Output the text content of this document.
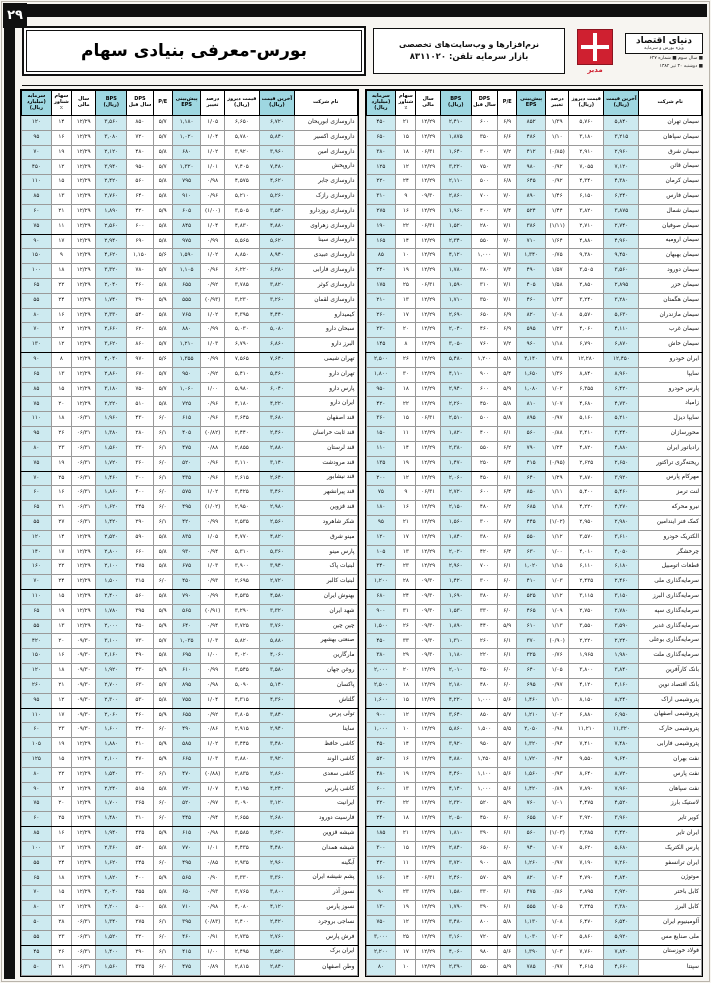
۲۹
دنیای اقتصاد
ویژه بورس و سرمایه
■ سال سوم ■ شماره ۶۲۷
■ دوشنبه ۳۰ تیر ۱۳۸۲
مدبر
نرم‌افزارها و وب‌سایت‌های تخصصی
بازار سرمایه تلفن: ۸۳۱۱۰۲۰
بورس-معرفی بنیادی سهام
نام شرکت	آخرین قیمت (ریال)	قیمت دیروز (ریال)	درصد تغییر	پیش‌بینی EPS	P/E	DPS سال قبل	BPS (ریال)	سال مالی	سهام شناور ٪	سرمایه (میلیارد ریال)
سیمان تهران	۵,۸۴۰	۵,۷۶۰	۱/۳۹	۸۵۲	۶/۹	۶۰۰	۲,۴۱۰	۱۲/۲۹	۲۱	۴۵۰
سیمان سپاهان	۳,۲۱۵	۳,۱۸۰	۱/۱۰	۴۸۶	۶/۶	۳۵۰	۱,۸۷۵	۱۲/۲۹	۱۵	۶۵۰
سیمان شرق	۲,۹۶۰	۲,۹۱۰	(۰/۸۵)	۴۱۲	۷/۲	۳۰۰	۱,۶۴۰	۰۶/۳۱	۱۸	۳۸۰
سیمان قائن	۷,۱۲۰	۷,۰۵۵	۰/۹۲	۹۸۰	۷/۳	۷۵۰	۳,۲۲۰	۱۲/۲۹	۱۲	۱۲۵
سیمان کرمان	۴,۳۸۰	۴,۳۴۰	۰/۹۲	۶۴۵	۶/۸	۵۰۰	۲,۱۱۰	۱۲/۲۹	۲۴	۲۲۰
سیمان فارس	۶,۲۴۰	۶,۱۵۰	۱/۴۶	۸۹۰	۷/۰	۷۰۰	۲,۸۶۰	۰۹/۳۰	۹	۳۱۰
سیمان شمال	۳,۸۷۵	۳,۸۲۰	۱/۴۴	۵۲۴	۷/۴	۴۰۰	۱,۹۶۰	۱۲/۲۹	۱۶	۲۷۵
سیمان صوفیان	۲,۷۴۰	۲,۷۱۰	(۱/۱۱)	۳۸۶	۷/۱	۲۸۰	۱,۵۲۰	۰۶/۳۱	۲۲	۱۹۰
سیمان ارومیه	۴,۹۶۰	۴,۸۸۰	۱/۶۴	۷۱۰	۷/۰	۵۵۰	۲,۳۴۰	۱۲/۲۹	۱۴	۱۶۵
سیمان بهبهان	۹,۴۵۰	۹,۳۸۰	۰/۷۵	۱,۳۴۰	۷/۱	۱,۰۰۰	۴,۱۲۰	۱۲/۲۹	۱۰	۸۵
سیمان دورود	۳,۵۶۰	۳,۵۰۵	۱/۵۷	۴۹۰	۷/۳	۳۸۰	۱,۷۸۰	۱۲/۲۹	۱۹	۲۴۰
سیمان خزر	۲,۸۹۵	۲,۸۵۰	۱/۵۸	۴۰۵	۷/۱	۳۱۰	۱,۵۹۰	۰۶/۳۱	۲۵	۱۷۵
سیمان هگمتان	۳,۲۸۰	۳,۲۴۰	۱/۲۳	۴۶۰	۷/۱	۳۵۰	۱,۷۱۰	۱۲/۲۹	۱۳	۲۱۰
سیمان مازندران	۵,۶۳۰	۵,۵۷۰	۱/۰۸	۸۲۰	۶/۹	۶۵۰	۲,۶۹۰	۱۲/۲۹	۱۷	۲۶۰
سیمان غرب	۴,۱۱۰	۴,۰۶۰	۱/۲۳	۵۹۵	۶/۹	۴۶۰	۲,۰۴۰	۱۲/۲۹	۲۰	۲۳۰
سیمان خاش	۶,۸۷۰	۶,۷۹۰	۱/۱۸	۹۶۰	۷/۲	۷۶۰	۳,۰۵۰	۱۲/۲۹	۸	۱۴۵
ایران خودرو	۱۲,۴۵۰	۱۲,۲۸۰	۱/۳۸	۲,۱۴۰	۵/۸	۱,۲۰۰	۵,۴۸۰	۱۲/۲۹	۲۶	۲,۵۰۰
سایپا	۸,۹۶۰	۸,۸۴۰	۱/۳۶	۱,۶۵۰	۵/۴	۹۰۰	۴,۱۱۰	۱۲/۲۹	۳۰	۱,۸۰۰
پارس خودرو	۶,۴۲۰	۶,۳۵۵	۱/۰۲	۱,۰۸۰	۵/۹	۶۰۰	۲,۹۴۰	۱۲/۲۹	۱۸	۹۵۰
زامیاد	۴,۷۳۰	۴,۶۸۰	۱/۰۷	۸۱۰	۵/۸	۴۵۰	۲,۲۶۰	۱۲/۲۹	۲۲	۴۲۰
سایپا دیزل	۵,۲۱۰	۵,۱۶۰	۰/۹۷	۸۹۵	۵/۸	۵۰۰	۲,۵۱۰	۰۶/۳۱	۱۵	۳۶۰
محورسازان	۳,۴۴۰	۳,۴۱۰	۰/۸۸	۵۶۰	۶/۱	۴۰۰	۱,۸۲۰	۱۲/۲۹	۱۱	۱۵۰
رادیاتور ایران	۴,۸۸۰	۴,۸۲۰	۱/۲۴	۷۹۰	۶/۲	۵۵۰	۲,۳۸۰	۱۲/۲۹	۱۴	۱۱۰
ریخته‌گری تراکتور	۲,۶۵۰	۲,۶۲۵	(۰/۹۵)	۴۱۵	۶/۴	۲۵۰	۱,۴۷۰	۱۲/۲۹	۱۹	۱۳۵
مهرکام پارس	۳,۹۲۰	۳,۸۷۰	۱/۲۹	۶۴۰	۶/۱	۴۵۰	۲,۰۶۰	۱۲/۲۹	۱۲	۲۰۰
لنت ترمز	۵,۴۶۰	۵,۴۰۰	۱/۱۱	۸۵۰	۶/۴	۶۰۰	۲,۷۲۰	۰۶/۳۱	۹	۷۵
نیرو محرکه	۴,۲۷۰	۴,۲۲۰	۱/۱۸	۶۸۵	۶/۲	۴۸۰	۲,۱۵۰	۱۲/۲۹	۱۶	۱۸۰
کمک فنر ایندامین	۲,۹۸۰	۲,۹۵۰	(۱/۰۲)	۴۴۵	۶/۷	۳۰۰	۱,۵۶۰	۱۲/۲۹	۲۱	۹۵
الکتریک خودرو	۳,۶۱۰	۳,۵۷۰	۱/۱۲	۵۵۰	۶/۶	۳۸۰	۱,۸۴۰	۱۲/۲۹	۱۷	۱۲۰
چرخشگر	۴,۰۵۰	۴,۰۱۰	۱/۰۰	۶۳۰	۶/۴	۴۲۰	۲,۰۲۰	۱۲/۲۹	۱۳	۱۰۵
قطعات اتومبیل	۶,۱۸۰	۶,۱۱۰	۱/۱۵	۱,۰۲۰	۶/۱	۷۰۰	۲,۹۶۰	۱۲/۲۹	۲۳	۳۴۰
سرمایه‌گذاری ملی	۲,۴۶۰	۲,۴۳۵	۱/۰۳	۴۱۰	۶/۰	۳۰۰	۱,۴۲۰	۰۹/۳۰	۲۸	۱,۲۰۰
سرمایه‌گذاری البرز	۳,۱۵۰	۳,۱۱۵	۱/۱۲	۵۲۵	۶/۰	۳۸۰	۱,۶۹۰	۰۹/۳۰	۲۴	۶۸۰
سرمایه‌گذاری سپه	۲,۷۸۰	۲,۷۵۰	۱/۰۹	۴۶۵	۶/۰	۳۳۰	۱,۵۳۰	۰۹/۳۰	۳۱	۹۰۰
سرمایه‌گذاری غدیر	۳,۵۹۰	۳,۵۵۰	۱/۱۳	۶۱۰	۵/۹	۴۴۰	۱,۸۹۰	۰۹/۳۰	۲۶	۱,۵۰۰
سرمایه‌گذاری بوعلی	۲,۲۴۰	۲,۲۲۰	(۰/۹۰)	۳۷۰	۶/۱	۲۶۰	۱,۳۱۰	۰۹/۳۰	۳۳	۴۵۰
سرمایه‌گذاری ملت	۱,۹۸۰	۱,۹۶۵	۰/۷۶	۳۲۵	۶/۱	۲۲۰	۱,۱۸۰	۰۹/۳۰	۲۹	۳۸۰
بانک کارآفرین	۳,۸۴۰	۳,۸۰۰	۱/۰۵	۶۴۰	۶/۰	۴۵۰	۲,۰۱۰	۱۲/۲۹	۲۰	۲,۰۰۰
بانک اقتصاد نوین	۴,۱۶۰	۴,۱۲۰	۰/۹۷	۶۹۵	۶/۰	۴۸۰	۲,۱۸۰	۱۲/۲۹	۱۸	۲,۵۰۰
پتروشیمی اراک	۸,۲۴۰	۸,۱۵۰	۱/۱۰	۱,۴۶۰	۵/۶	۱,۰۰۰	۴,۲۲۰	۱۲/۲۹	۱۵	۱,۶۰۰
پتروشیمی اصفهان	۶,۹۵۰	۶,۸۸۰	۱/۰۲	۱,۲۱۰	۵/۷	۸۵۰	۳,۶۴۰	۱۲/۲۹	۱۲	۹۰۰
پتروشیمی خارک	۱۱,۳۲۰	۱۱,۲۱۰	۰/۹۸	۲,۰۵۰	۵/۵	۱,۵۰۰	۵,۸۶۰	۱۲/۲۹	۱۰	۱,۰۰۰
پتروشیمی فارابی	۷,۴۸۰	۷,۴۱۰	۰/۹۴	۱,۳۲۰	۵/۷	۹۵۰	۳,۹۲۰	۱۲/۲۹	۱۴	۴۵۰
نفت بهران	۹,۶۴۰	۹,۵۵۰	۰/۹۴	۱,۷۲۰	۵/۶	۱,۲۵۰	۴,۸۸۰	۱۲/۲۹	۱۶	۵۲۰
نفت پارس	۸,۷۲۰	۸,۶۴۰	۰/۹۳	۱,۵۶۰	۵/۶	۱,۱۰۰	۴,۴۶۰	۱۲/۲۹	۱۹	۴۸۰
نفت سپاهان	۷,۹۶۰	۷,۸۹۰	۰/۸۹	۱,۴۲۰	۵/۶	۱,۰۰۰	۴,۱۴۰	۱۲/۲۹	۱۳	۶۰۰
لاستیک بارز	۴,۵۲۰	۴,۴۷۵	۱/۰۱	۷۶۰	۵/۹	۵۲۰	۲,۳۲۰	۱۲/۲۹	۲۲	۳۲۰
کویر تایر	۳,۹۶۰	۳,۹۲۰	۱/۰۲	۶۵۵	۶/۰	۴۵۰	۲,۰۵۰	۱۲/۲۹	۱۸	۲۴۰
ایران تایر	۳,۴۲۰	۳,۳۸۵	(۱/۰۳)	۵۶۰	۶/۱	۳۹۰	۱,۸۱۰	۱۲/۲۹	۲۱	۱۸۵
پارس الکتریک	۵,۶۸۰	۵,۶۲۰	۱/۰۷	۹۴۰	۶/۰	۶۵۰	۲,۸۴۰	۱۲/۲۹	۱۵	۳۰۰
ایران ترانسفو	۷,۲۶۰	۷,۱۹۰	۰/۹۷	۱,۲۶۰	۵/۸	۹۰۰	۳,۷۲۰	۱۲/۲۹	۱۱	۴۲۰
موتوژن	۴,۸۴۰	۴,۷۹۰	۱/۰۴	۸۲۰	۵/۹	۵۷۰	۲,۴۶۰	۰۶/۳۱	۱۴	۱۶۰
کابل باختر	۲,۹۲۰	۲,۸۹۵	۰/۸۶	۴۷۵	۶/۱	۳۳۰	۱,۵۸۰	۱۲/۲۹	۲۳	۹۰
کابل البرز	۳,۳۸۰	۳,۳۴۵	۱/۰۵	۵۵۵	۶/۱	۳۹۰	۱,۷۹۰	۱۲/۲۹	۱۹	۱۳۰
آلومینیوم ایران	۶,۵۴۰	۶,۴۷۰	۱/۰۸	۱,۱۳۰	۵/۸	۸۰۰	۳,۴۸۰	۱۲/۲۹	۱۲	۷۵۰
ملی صنایع مس	۵,۹۲۰	۵,۸۶۰	۱/۰۲	۱,۰۳۰	۵/۷	۷۲۰	۳,۱۶۰	۱۲/۲۹	۲۵	۳,۰۰۰
فولاد خوزستان	۷,۸۴۰	۷,۷۶۰	۱/۰۳	۱,۳۹۰	۵/۶	۹۸۰	۴,۰۶۰	۱۲/۲۹	۱۷	۲,۲۰۰
سپنتا	۴,۶۶۰	۴,۶۱۵	۰/۹۷	۷۸۵	۵/۹	۵۵۰	۲,۳۹۰	۱۲/۲۹	۱۰	۸۰
نام شرکت	آخرین قیمت (ریال)	قیمت دیروز (ریال)	درصد تغییر	پیش‌بینی EPS	P/E	DPS سال قبل	BPS (ریال)	سال مالی	سهام شناور ٪	سرمایه (میلیارد ریال)
داروسازی ابوریحان	۶,۷۲۰	۶,۶۵۰	۱/۰۵	۱,۱۸۰	۵/۷	۸۵۰	۳,۵۶۰	۱۲/۲۹	۱۴	۱۲۰
داروسازی اکسیر	۵,۸۴۰	۵,۷۸۰	۱/۰۴	۱,۰۲۰	۵/۷	۷۲۰	۳,۰۸۰	۱۲/۲۹	۱۶	۹۵
داروسازی امین	۳,۹۶۰	۳,۹۲۰	۱/۰۲	۶۸۰	۵/۸	۴۸۰	۲,۱۲۰	۱۲/۲۹	۱۹	۷۰
داروپخش	۷,۴۸۰	۷,۴۰۵	۱/۰۱	۱,۳۲۰	۵/۷	۹۵۰	۳,۹۴۰	۱۲/۲۹	۱۲	۴۵۰
داروسازی جابر	۴,۶۲۰	۴,۵۷۵	۰/۹۸	۷۹۵	۵/۸	۵۶۰	۲,۴۲۰	۱۲/۲۹	۱۵	۱۱۰
داروسازی رازک	۵,۲۶۰	۵,۲۱۰	۰/۹۶	۹۱۰	۵/۸	۶۴۰	۲,۷۶۰	۱۲/۲۹	۱۳	۸۵
داروسازی روزدارو	۳,۵۴۰	۳,۵۰۵	(۱/۰۰)	۶۰۵	۵/۹	۴۲۰	۱,۸۹۰	۱۲/۲۹	۲۱	۶۰
داروسازی زهراوی	۴,۸۸۰	۴,۸۳۰	۱/۰۴	۸۴۵	۵/۸	۶۰۰	۲,۵۶۰	۱۲/۲۹	۱۱	۷۵
داروسازی سینا	۵,۶۲۰	۵,۵۶۵	۰/۹۹	۹۷۵	۵/۸	۶۹۰	۲,۹۴۰	۱۲/۲۹	۱۷	۹۰
داروسازی عبیدی	۸,۹۴۰	۸,۸۵۰	۱/۰۲	۱,۵۹۰	۵/۶	۱,۱۵۰	۴,۶۲۰	۱۲/۲۹	۹	۱۵۰
داروسازی فارابی	۶,۲۸۰	۶,۲۲۰	۰/۹۶	۱,۱۰۵	۵/۷	۷۸۰	۳,۳۲۰	۱۲/۲۹	۱۸	۱۰۰
داروسازی کوثر	۳,۸۲۰	۳,۷۸۵	۰/۹۲	۶۵۵	۵/۸	۴۶۰	۲,۰۴۰	۱۲/۲۹	۲۲	۶۵
داروسازی لقمان	۳,۲۶۰	۳,۲۳۰	(۰/۹۳)	۵۵۵	۵/۹	۳۹۰	۱,۷۴۰	۱۲/۲۹	۲۴	۵۵
کیمیدارو	۴,۴۴۰	۴,۳۹۵	۱/۰۲	۷۶۵	۵/۸	۵۴۰	۲,۳۳۰	۱۲/۲۹	۱۶	۸۰
سبحان دارو	۵,۰۸۰	۵,۰۳۰	۰/۹۹	۸۸۰	۵/۸	۶۲۰	۲,۶۶۰	۱۲/۲۹	۱۴	۷۰
البرز دارو	۶,۸۶۰	۶,۷۹۰	۱/۰۳	۱,۲۱۰	۵/۷	۸۶۰	۳,۶۲۰	۱۲/۲۹	۱۲	۱۳۰
تهران شیمی	۷,۶۴۰	۷,۵۶۵	۰/۹۹	۱,۳۵۵	۵/۶	۹۷۰	۴,۰۴۰	۱۲/۲۹	۸	۹۰
تهران دارو	۵,۴۶۰	۵,۴۱۰	۰/۹۲	۹۵۰	۵/۷	۶۷۰	۲,۸۶۰	۱۲/۲۹	۱۳	۶۵
پارس دارو	۶,۰۴۰	۵,۹۸۰	۱/۰۰	۱,۰۶۰	۵/۷	۷۵۰	۳,۱۸۰	۱۲/۲۹	۱۵	۸۵
ایران دارو	۴,۲۲۰	۴,۱۸۰	۰/۹۶	۷۲۵	۵/۸	۵۱۰	۲,۲۲۰	۱۲/۲۹	۲۰	۷۵
قند اصفهان	۳,۶۸۰	۳,۶۴۵	۰/۹۶	۶۱۵	۶/۰	۴۳۰	۱,۹۶۰	۰۶/۳۱	۱۸	۱۱۰
قند ثابت خراسان	۲,۴۶۰	۲,۴۴۰	(۰/۸۲)	۴۰۵	۶/۱	۲۸۰	۱,۳۸۰	۰۶/۳۱	۲۶	۹۵
قند لرستان	۲,۸۸۰	۲,۸۵۵	۰/۸۸	۴۷۵	۶/۱	۳۳۰	۱,۵۶۰	۰۶/۳۱	۲۳	۸۰
قند مرودشت	۳,۱۴۰	۳,۱۱۰	۰/۹۶	۵۲۰	۶/۰	۳۶۰	۱,۷۲۰	۰۶/۳۱	۱۹	۷۵
قند نیشابور	۲,۶۴۰	۲,۶۱۵	۰/۹۶	۴۳۵	۶/۱	۳۰۰	۱,۴۶۰	۰۶/۳۱	۲۵	۷۰
قند پیرانشهر	۳,۴۶۰	۳,۴۲۵	۱/۰۲	۵۷۵	۶/۰	۴۰۰	۱,۸۶۰	۰۶/۳۱	۱۶	۶۰
قند قزوین	۲,۹۸۰	۲,۹۵۰	(۱/۰۲)	۴۹۵	۶/۰	۳۴۵	۱,۶۲۰	۰۶/۳۱	۲۱	۶۵
شکر شاهرود	۲,۵۶۰	۲,۵۳۵	۰/۹۹	۴۲۰	۶/۱	۲۹۰	۱,۴۲۰	۰۶/۳۱	۲۷	۵۵
مینو شرق	۴,۸۲۰	۴,۷۷۰	۱/۰۵	۸۳۵	۵/۸	۵۹۰	۲,۵۲۰	۱۲/۲۹	۱۴	۱۲۰
پارس مینو	۵,۳۶۰	۵,۳۱۰	۰/۹۴	۹۳۰	۵/۸	۶۶۰	۲,۸۰۰	۱۲/۲۹	۱۷	۱۴۰
لبنیات پاک	۳,۹۴۰	۳,۹۰۰	۱/۰۳	۶۷۵	۵/۸	۴۷۵	۲,۱۰۰	۱۲/۲۹	۲۲	۱۶۰
لبنیات کالبر	۲,۷۲۰	۲,۶۹۵	۰/۹۳	۴۵۰	۶/۰	۳۱۵	۱,۵۰۰	۱۲/۲۹	۲۴	۷۰
بهنوش ایران	۴,۵۸۰	۴,۵۳۵	۰/۹۹	۷۹۰	۵/۸	۵۶۰	۲,۴۰۰	۱۲/۲۹	۱۵	۱۱۰
شهد ایران	۳,۳۲۰	۳,۲۹۰	(۰/۹۱)	۵۶۵	۵/۹	۳۹۵	۱,۷۸۰	۱۲/۲۹	۱۹	۶۵
چین چین	۳,۷۶۰	۳,۷۲۵	۰/۹۴	۶۴۰	۵/۹	۴۵۰	۲,۰۰۰	۱۲/۲۹	۱۳	۵۵
صنعتی بهشهر	۵,۸۸۰	۵,۸۲۰	۱/۰۳	۱,۰۳۵	۵/۷	۷۳۰	۳,۱۰۰	۰۹/۳۰	۲۰	۴۲۰
مارگارین	۴,۰۶۰	۴,۰۲۰	۱/۰۰	۶۹۵	۵/۸	۴۹۰	۲,۱۶۰	۰۹/۳۰	۱۶	۱۵۰
روغن جهان	۳,۵۸۰	۳,۵۴۵	۰/۹۹	۶۱۰	۵/۹	۴۳۰	۱,۹۲۰	۰۹/۳۰	۱۸	۱۲۰
پاکسان	۵,۱۴۰	۵,۰۹۰	۰/۹۸	۸۹۵	۵/۷	۶۳۰	۲,۷۰۰	۰۹/۳۰	۲۱	۲۶۰
گلتاش	۴,۳۶۰	۴,۳۱۵	۱/۰۴	۷۵۵	۵/۸	۵۳۰	۲,۳۰۰	۰۹/۳۰	۱۲	۹۵
تولی پرس	۳,۸۴۰	۳,۸۰۵	۰/۹۲	۶۵۵	۵/۹	۴۶۰	۲,۰۶۰	۰۹/۳۰	۱۷	۱۱۰
ساینا	۲,۹۴۰	۲,۹۱۵	۰/۸۶	۴۹۰	۶/۰	۳۴۰	۱,۶۰۰	۰۹/۳۰	۲۳	۶۰
کاشی حافظ	۳,۴۸۰	۳,۴۴۵	۱/۰۲	۵۸۵	۵/۹	۴۱۰	۱,۸۸۰	۱۲/۲۹	۱۹	۱۰۵
کاشی الوند	۳,۹۲۰	۳,۸۸۰	۱/۰۳	۶۶۵	۵/۹	۴۷۰	۲,۱۰۰	۱۲/۲۹	۱۵	۱۲۵
کاشی سعدی	۲,۸۶۰	۲,۸۳۵	(۰/۸۸)	۴۷۰	۶/۱	۳۳۰	۱,۵۴۰	۱۲/۲۹	۲۲	۸۰
کاشی پارس	۴,۲۴۰	۴,۱۹۵	۱/۰۷	۷۳۰	۵/۸	۵۱۵	۲,۲۴۰	۱۲/۲۹	۱۴	۹۰
ایرانیت	۳,۱۲۰	۳,۰۹۰	۰/۹۷	۵۲۰	۶/۰	۳۶۵	۱,۷۰۰	۱۲/۲۹	۲۰	۷۵
فارسیت دورود	۲,۶۸۰	۲,۶۵۵	۰/۹۴	۴۴۵	۶/۰	۳۱۰	۱,۴۸۰	۱۲/۲۹	۲۵	۶۰
شیشه قزوین	۳,۶۲۰	۳,۵۸۵	۰/۹۸	۶۱۵	۵/۹	۴۳۵	۱,۹۴۰	۱۲/۲۹	۱۶	۸۵
شیشه همدان	۴,۴۸۰	۴,۴۳۵	۱/۰۱	۷۷۰	۵/۸	۵۴۰	۲,۳۶۰	۱۲/۲۹	۱۳	۱۰۰
آبگینه	۲,۹۶۰	۲,۹۳۵	۰/۸۵	۴۹۵	۶/۰	۳۴۵	۱,۶۲۰	۱۲/۲۹	۲۴	۵۵
پشم شیشه ایران	۳,۳۶۰	۳,۳۳۰	۰/۹۰	۵۶۵	۵/۹	۴۰۰	۱,۸۲۰	۱۲/۲۹	۱۸	۶۵
نسوز آذر	۳,۸۰۰	۳,۷۶۵	۰/۹۳	۶۵۰	۵/۸	۴۵۵	۲,۰۴۰	۱۲/۲۹	۱۵	۷۰
نسوز پارس	۴,۱۲۰	۴,۰۸۰	۰/۹۸	۷۱۰	۵/۸	۵۰۰	۲,۲۰۰	۱۲/۲۹	۱۲	۸۰
نساجی بروجرد	۲,۴۲۰	۲,۴۰۰	(۰/۸۳)	۳۹۵	۶/۱	۲۷۵	۱,۳۴۰	۰۶/۳۱	۲۸	۵۰
فرش پارس	۲,۷۶۰	۲,۷۳۵	۰/۹۱	۴۶۰	۶/۰	۳۲۰	۱,۵۲۰	۰۶/۳۱	۲۳	۵۵
ایران برک	۲,۵۲۰	۲,۴۹۵	۱/۰۰	۴۱۵	۶/۱	۲۹۰	۱,۴۰۰	۰۶/۳۱	۲۶	۴۵
وطن اصفهان	۲,۸۴۰	۲,۸۱۵	۰/۸۹	۴۷۵	۶/۰	۳۳۵	۱,۵۶۰	۰۶/۳۱	۲۱	۵۰
